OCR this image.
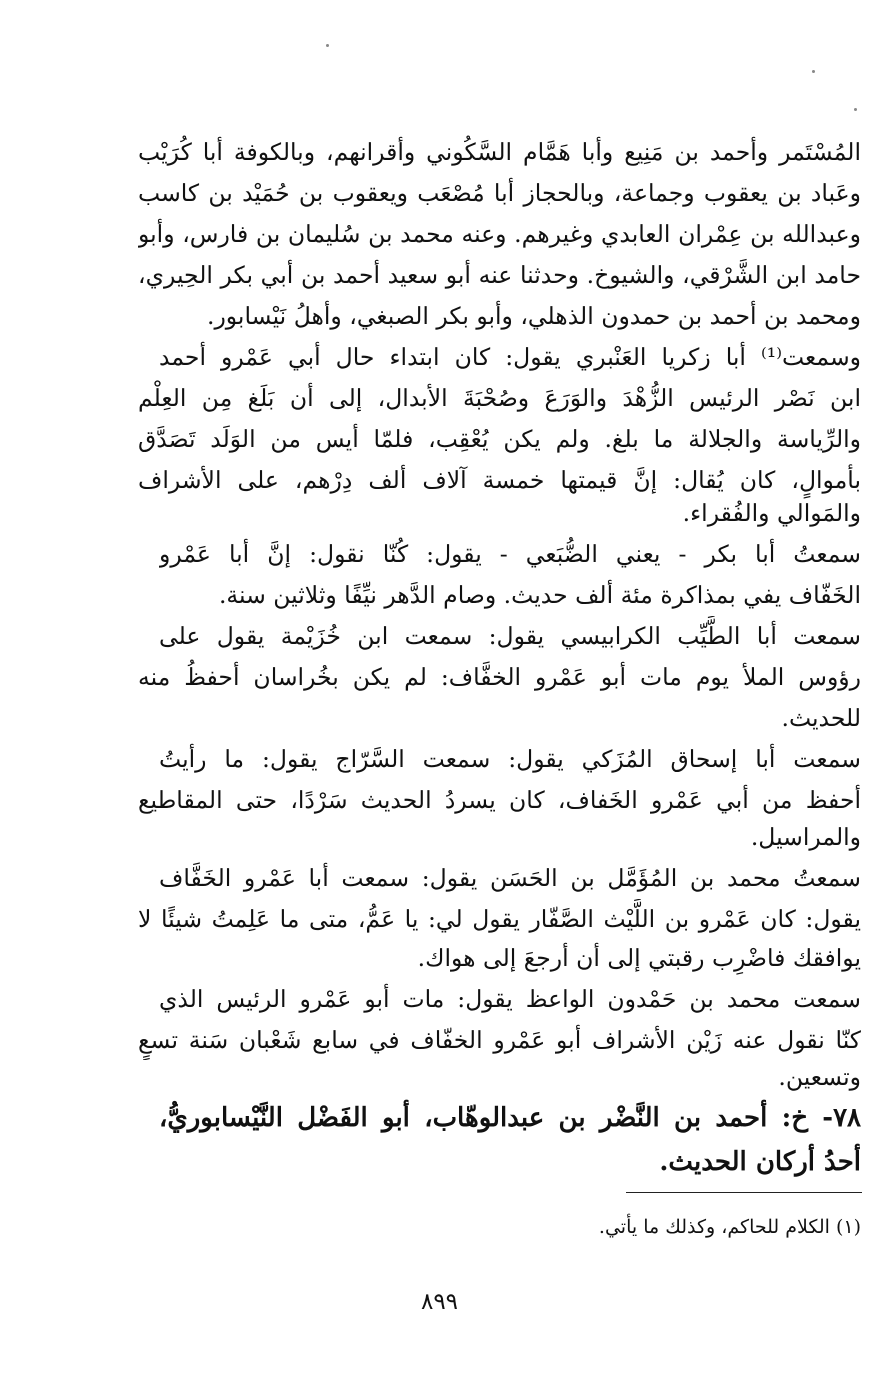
المُسْتَمر وأحمد بن مَنِيع وأبا هَمَّام السَّكُوني وأقرانهم، وبالكوفة أبا كُرَيْب
وعَباد بن يعقوب وجماعة، وبالحجاز أبا مُصْعَب ويعقوب بن حُمَيْد بن كاسب
وعبدالله بن عِمْران العابدي وغيرهم. وعنه محمد بن سُليمان بن فارس، وأبو
حامد ابن الشَّرْقي، والشيوخ. وحدثنا عنه أبو سعيد أحمد بن أبي بكر الحِيري،
ومحمد بن أحمد بن حمدون الذهلي، وأبو بكر الصبغي، وأهلُ نَيْسابور.
وسمعت⁽¹⁾ أبا زكريا العَنْبري يقول: كان ابتداء حال أبي عَمْرو أحمد
ابن نَصْر الرئيس الزُّهْدَ والوَرَعَ وصُحْبَةَ الأبدال، إلى أن بَلَغ مِن العِلْم
والرِّياسة والجلالة ما بلغ. ولم يكن يُعْقِب، فلمّا أيس من الوَلَد تَصَدَّق
بأموالٍ، كان يُقال: إنَّ قيمتها خمسة آلاف ألف دِرْهم، على الأشراف
والمَوالي والفُقراء.
سمعتُ أبا بكر - يعني الضُّبَعي - يقول: كُنّا نقول: إنَّ أبا عَمْرو
الخَفّاف يفي بمذاكرة مئة ألف حديث. وصام الدَّهر نيِّفًا وثلاثين سنة.
سمعت أبا الطَّيِّب الكرابيسي يقول: سمعت ابن خُزَيْمة يقول على
رؤوس الملأ يوم مات أبو عَمْرو الخفَّاف: لم يكن بخُراسان أحفظُ منه
للحديث.
سمعت أبا إسحاق المُزَكي يقول: سمعت السَّرّاج يقول: ما رأيتُ
أحفظ من أبي عَمْرو الخَفاف، كان يسردُ الحديث سَرْدًا، حتى المقاطيع
والمراسيل.
سمعتُ محمد بن المُؤَمَّل بن الحَسَن يقول: سمعت أبا عَمْرو الخَفَّاف
يقول: كان عَمْرو بن اللَّيْث الصَّفّار يقول لي: يا عَمُّ، متى ما عَلِمتُ شيئًا لا
يوافقك فاضْرِب رقبتي إلى أن أرجعَ إلى هواك.
سمعت محمد بن حَمْدون الواعظ يقول: مات أبو عَمْرو الرئيس الذي
كنّا نقول عنه زَيْن الأشراف أبو عَمْرو الخفّاف في سابع شَعْبان سَنة تسعٍ
وتسعين.
٧٨- خ: أحمد بن النَّضْر بن عبدالوهّاب، أبو الفَضْل النَّيْسابوريُّ،
أحدُ أركان الحديث.
(١) الكلام للحاكم، وكذلك ما يأتي.
٨٩٩
